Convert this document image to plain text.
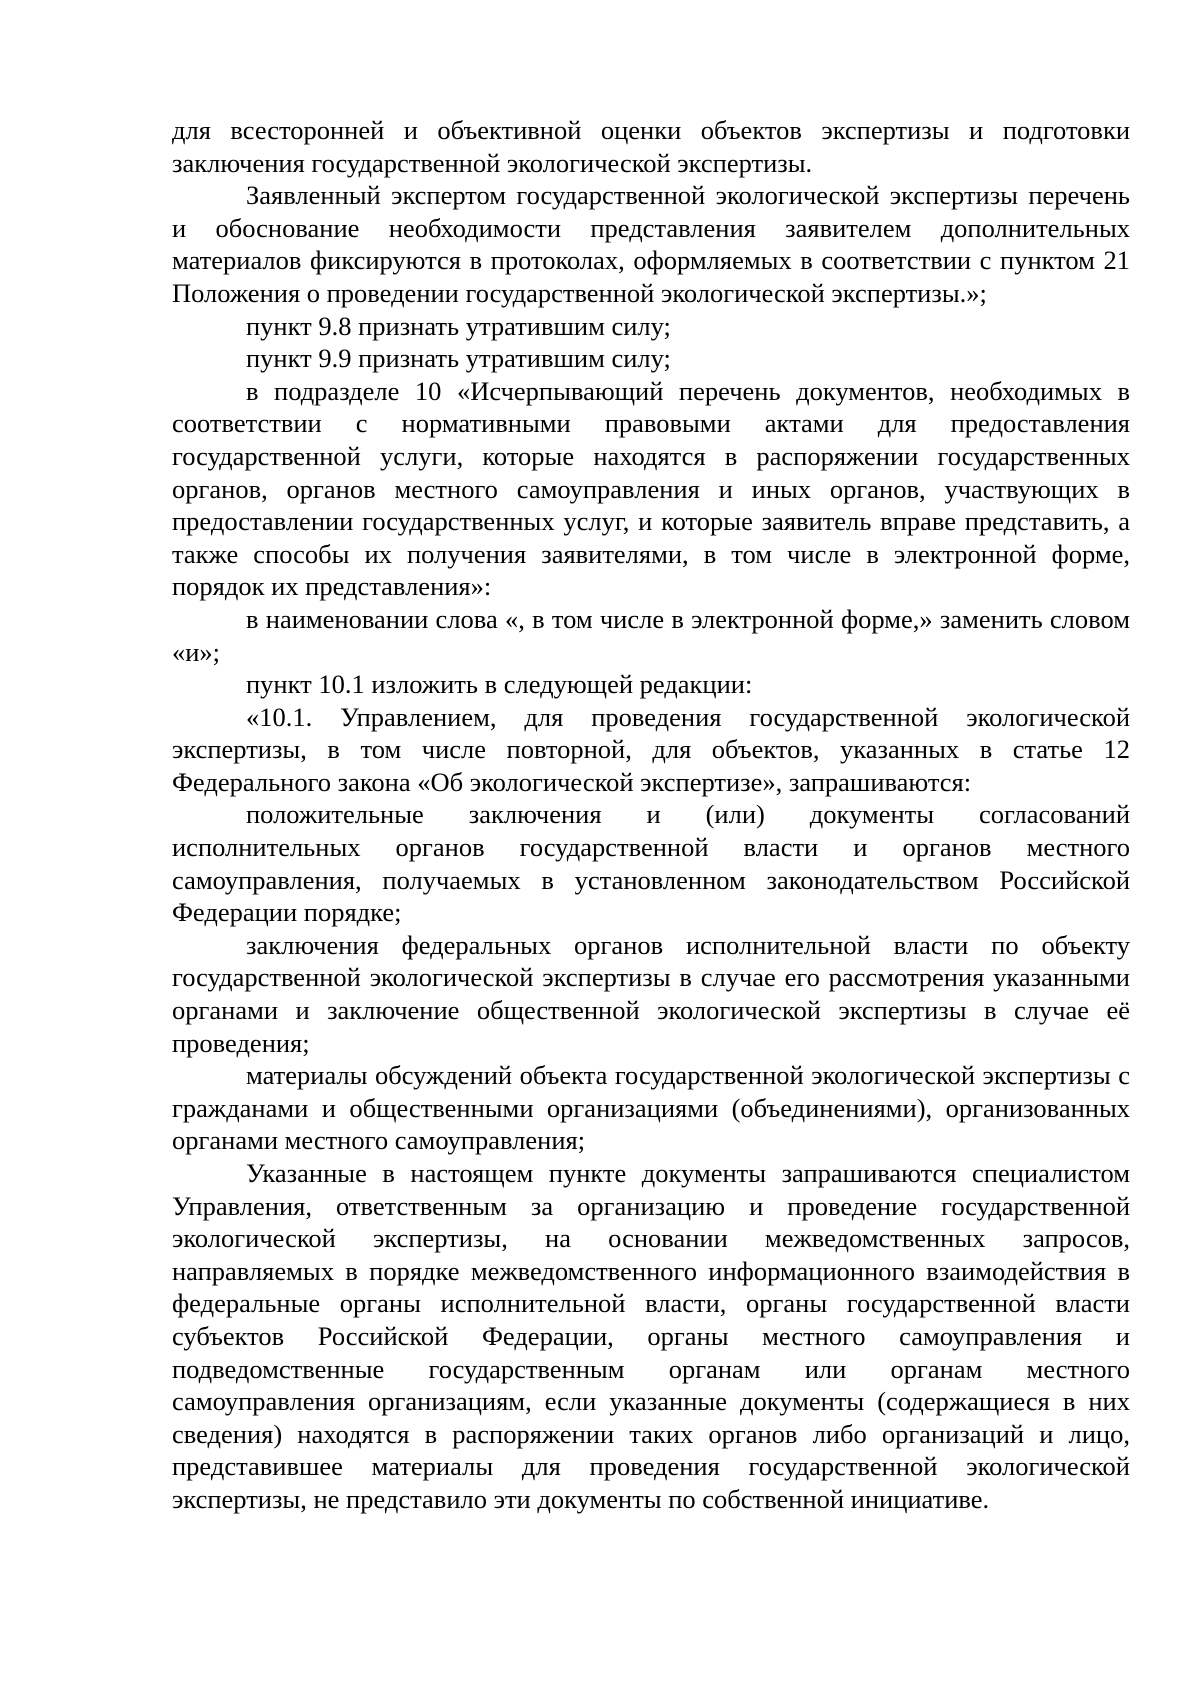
для всесторонней и объективной оценки объектов экспертизы и подготовки заключения государственной экологической экспертизы.

Заявленный экспертом государственной экологической экспертизы перечень и обоснование необходимости представления заявителем дополнительных материалов фиксируются в протоколах, оформляемых в соответствии с пунктом 21 Положения о проведении государственной экологической экспертизы.»;

пункт 9.8 признать утратившим силу;

пункт 9.9 признать утратившим силу;

в подразделе 10 «Исчерпывающий перечень документов, необходимых в соответствии с нормативными правовыми актами для предоставления государственной услуги, которые находятся в распоряжении государственных органов, органов местного самоуправления и иных органов, участвующих в предоставлении государственных услуг, и которые заявитель вправе представить, а также способы их получения заявителями, в том числе в электронной форме, порядок их представления»:

в наименовании слова «, в том числе в электронной форме,» заменить словом «и»;

пункт 10.1 изложить в следующей редакции:

«10.1. Управлением, для проведения государственной экологической экспертизы, в том числе повторной, для объектов, указанных в статье 12 Федерального закона «Об экологической экспертизе», запрашиваются:

положительные заключения и (или) документы согласований исполнительных органов государственной власти и органов местного самоуправления, получаемых в установленном законодательством Российской Федерации порядке;

заключения федеральных органов исполнительной власти по объекту государственной экологической экспертизы в случае его рассмотрения указанными органами и заключение общественной экологической экспертизы в случае её проведения;

материалы обсуждений объекта государственной экологической экспертизы с гражданами и общественными организациями (объединениями), организованных органами местного самоуправления;

Указанные в настоящем пункте документы запрашиваются специалистом Управления, ответственным за организацию и проведение государственной экологической экспертизы, на основании межведомственных запросов, направляемых в порядке межведомственного информационного взаимодействия в федеральные органы исполнительной власти, органы государственной власти субъектов Российской Федерации, органы местного самоуправления и подведомственные государственным органам или органам местного самоуправления организациям, если указанные документы (содержащиеся в них сведения) находятся в распоряжении таких органов либо организаций и лицо, представившее материалы для проведения государственной экологической экспертизы, не представило эти документы по собственной инициативе.
